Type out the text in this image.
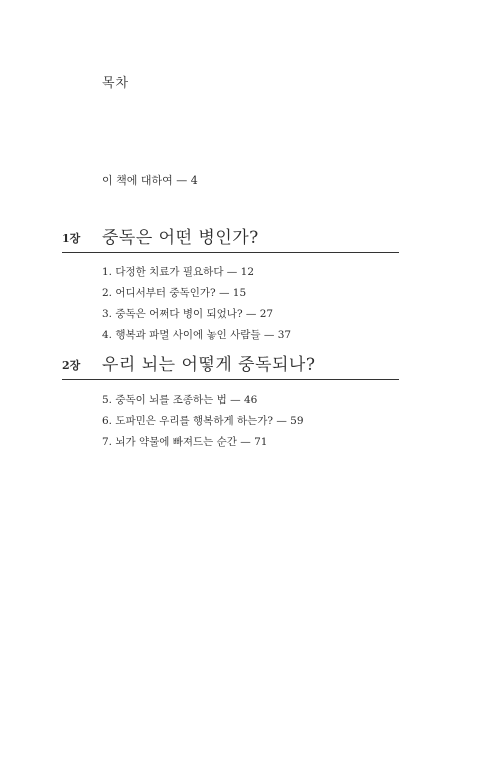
목차
이 책에 대하여 — 4
1장 중독은 어떤 병인가?
1. 다정한 치료가 필요하다 — 12
2. 어디서부터 중독인가? — 15
3. 중독은 어쩌다 병이 되었나? — 27
4. 행복과 파멸 사이에 놓인 사람들 — 37
2장 우리 뇌는 어떻게 중독되나?
5. 중독이 뇌를 조종하는 법 — 46
6. 도파민은 우리를 행복하게 하는가? — 59
7. 뇌가 약물에 빠져드는 순간 — 71
